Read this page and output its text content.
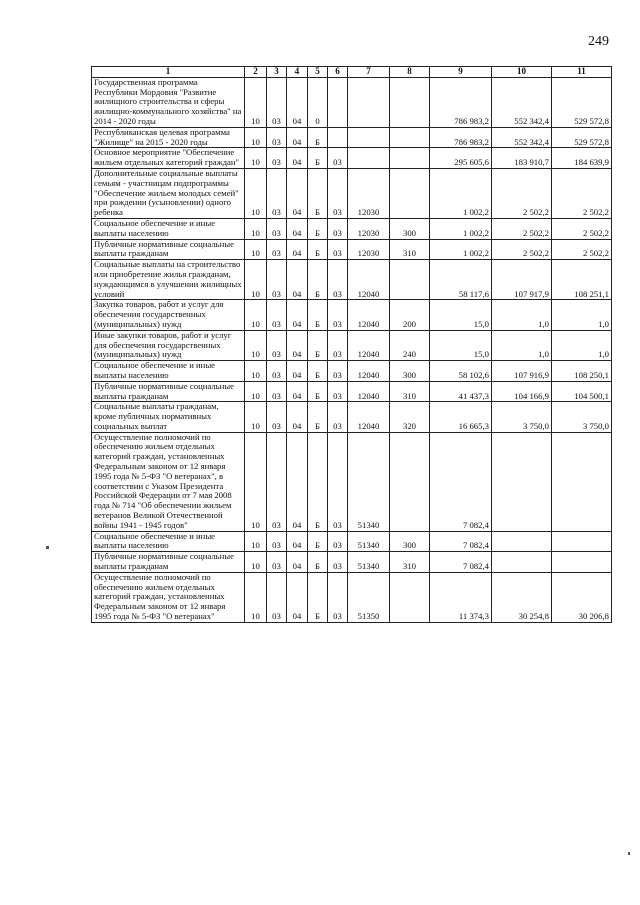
249
1	2	3	4	5	6	7	8	9	10	11
Государственная программа Республики Мордовия "Развитие жилищного строительства и сферы жилищно-коммунального хозяйства" на 2014 - 2020 годы	10	03	04	0				786 983,2	552 342,4	529 572,8
Республиканская целевая программа "Жилище" на 2015 - 2020 годы	10	03	04	Б				786 983,2	552 342,4	529 572,8
Основное мероприятие "Обеспечение жильем отдельных категорий граждан"	10	03	04	Б	03			295 605,6	183 910,7	184 639,9
Дополнительные социальные выплаты семьям - участницам подпрограммы "Обеспечение жильем молодых семей" при рождении (усыновлении) одного ребенка	10	03	04	Б	03	12030		1 002,2	2 502,2	2 502,2
Социальное обеспечение и иные выплаты населению	10	03	04	Б	03	12030	300	1 002,2	2 502,2	2 502,2
Публичные нормативные социальные выплаты гражданам	10	03	04	Б	03	12030	310	1 002,2	2 502,2	2 502,2
Социальные выплаты на строительство или приобретение жилья гражданам, нуждающимся в улучшении жилищных условий	10	03	04	Б	03	12040		58 117,6	107 917,9	108 251,1
Закупка товаров, работ и услуг для обеспечения государственных (муниципальных) нужд	10	03	04	Б	03	12040	200	15,0	1,0	1,0
Иные закупки товаров, работ и услуг для обеспечения государственных (муниципальных) нужд	10	03	04	Б	03	12040	240	15,0	1,0	1,0
Социальное обеспечение и иные выплаты населению	10	03	04	Б	03	12040	300	58 102,6	107 916,9	108 250,1
Публичные нормативные социальные выплаты гражданам	10	03	04	Б	03	12040	310	41 437,3	104 166,9	104 500,1
Социальные выплаты гражданам, кроме публичных нормативных социальных выплат	10	03	04	Б	03	12040	320	16 665,3	3 750,0	3 750,0
Осуществление полномочий по обеспечению жильем отдельных категорий граждан, установленных Федеральным законом от 12 января 1995 года № 5-ФЗ "О ветеранах", в соответствии с Указом Президента Российской Федерации от 7 мая 2008 года № 714 "Об обеспечении жильем ветеранов Великой Отечественной войны 1941 - 1945 годов"	10	03	04	Б	03	51340		7 082,4		
Социальное обеспечение и иные выплаты населению	10	03	04	Б	03	51340	300	7 082,4		
Публичные нормативные социальные выплаты гражданам	10	03	04	Б	03	51340	310	7 082,4		
Осуществление полномочий по обеспечению жильем отдельных категорий граждан, установленных Федеральным законом от 12 января 1995 года № 5-ФЗ "О ветеранах"	10	03	04	Б	03	51350		11 374,3	30 254,8	30 206,8
